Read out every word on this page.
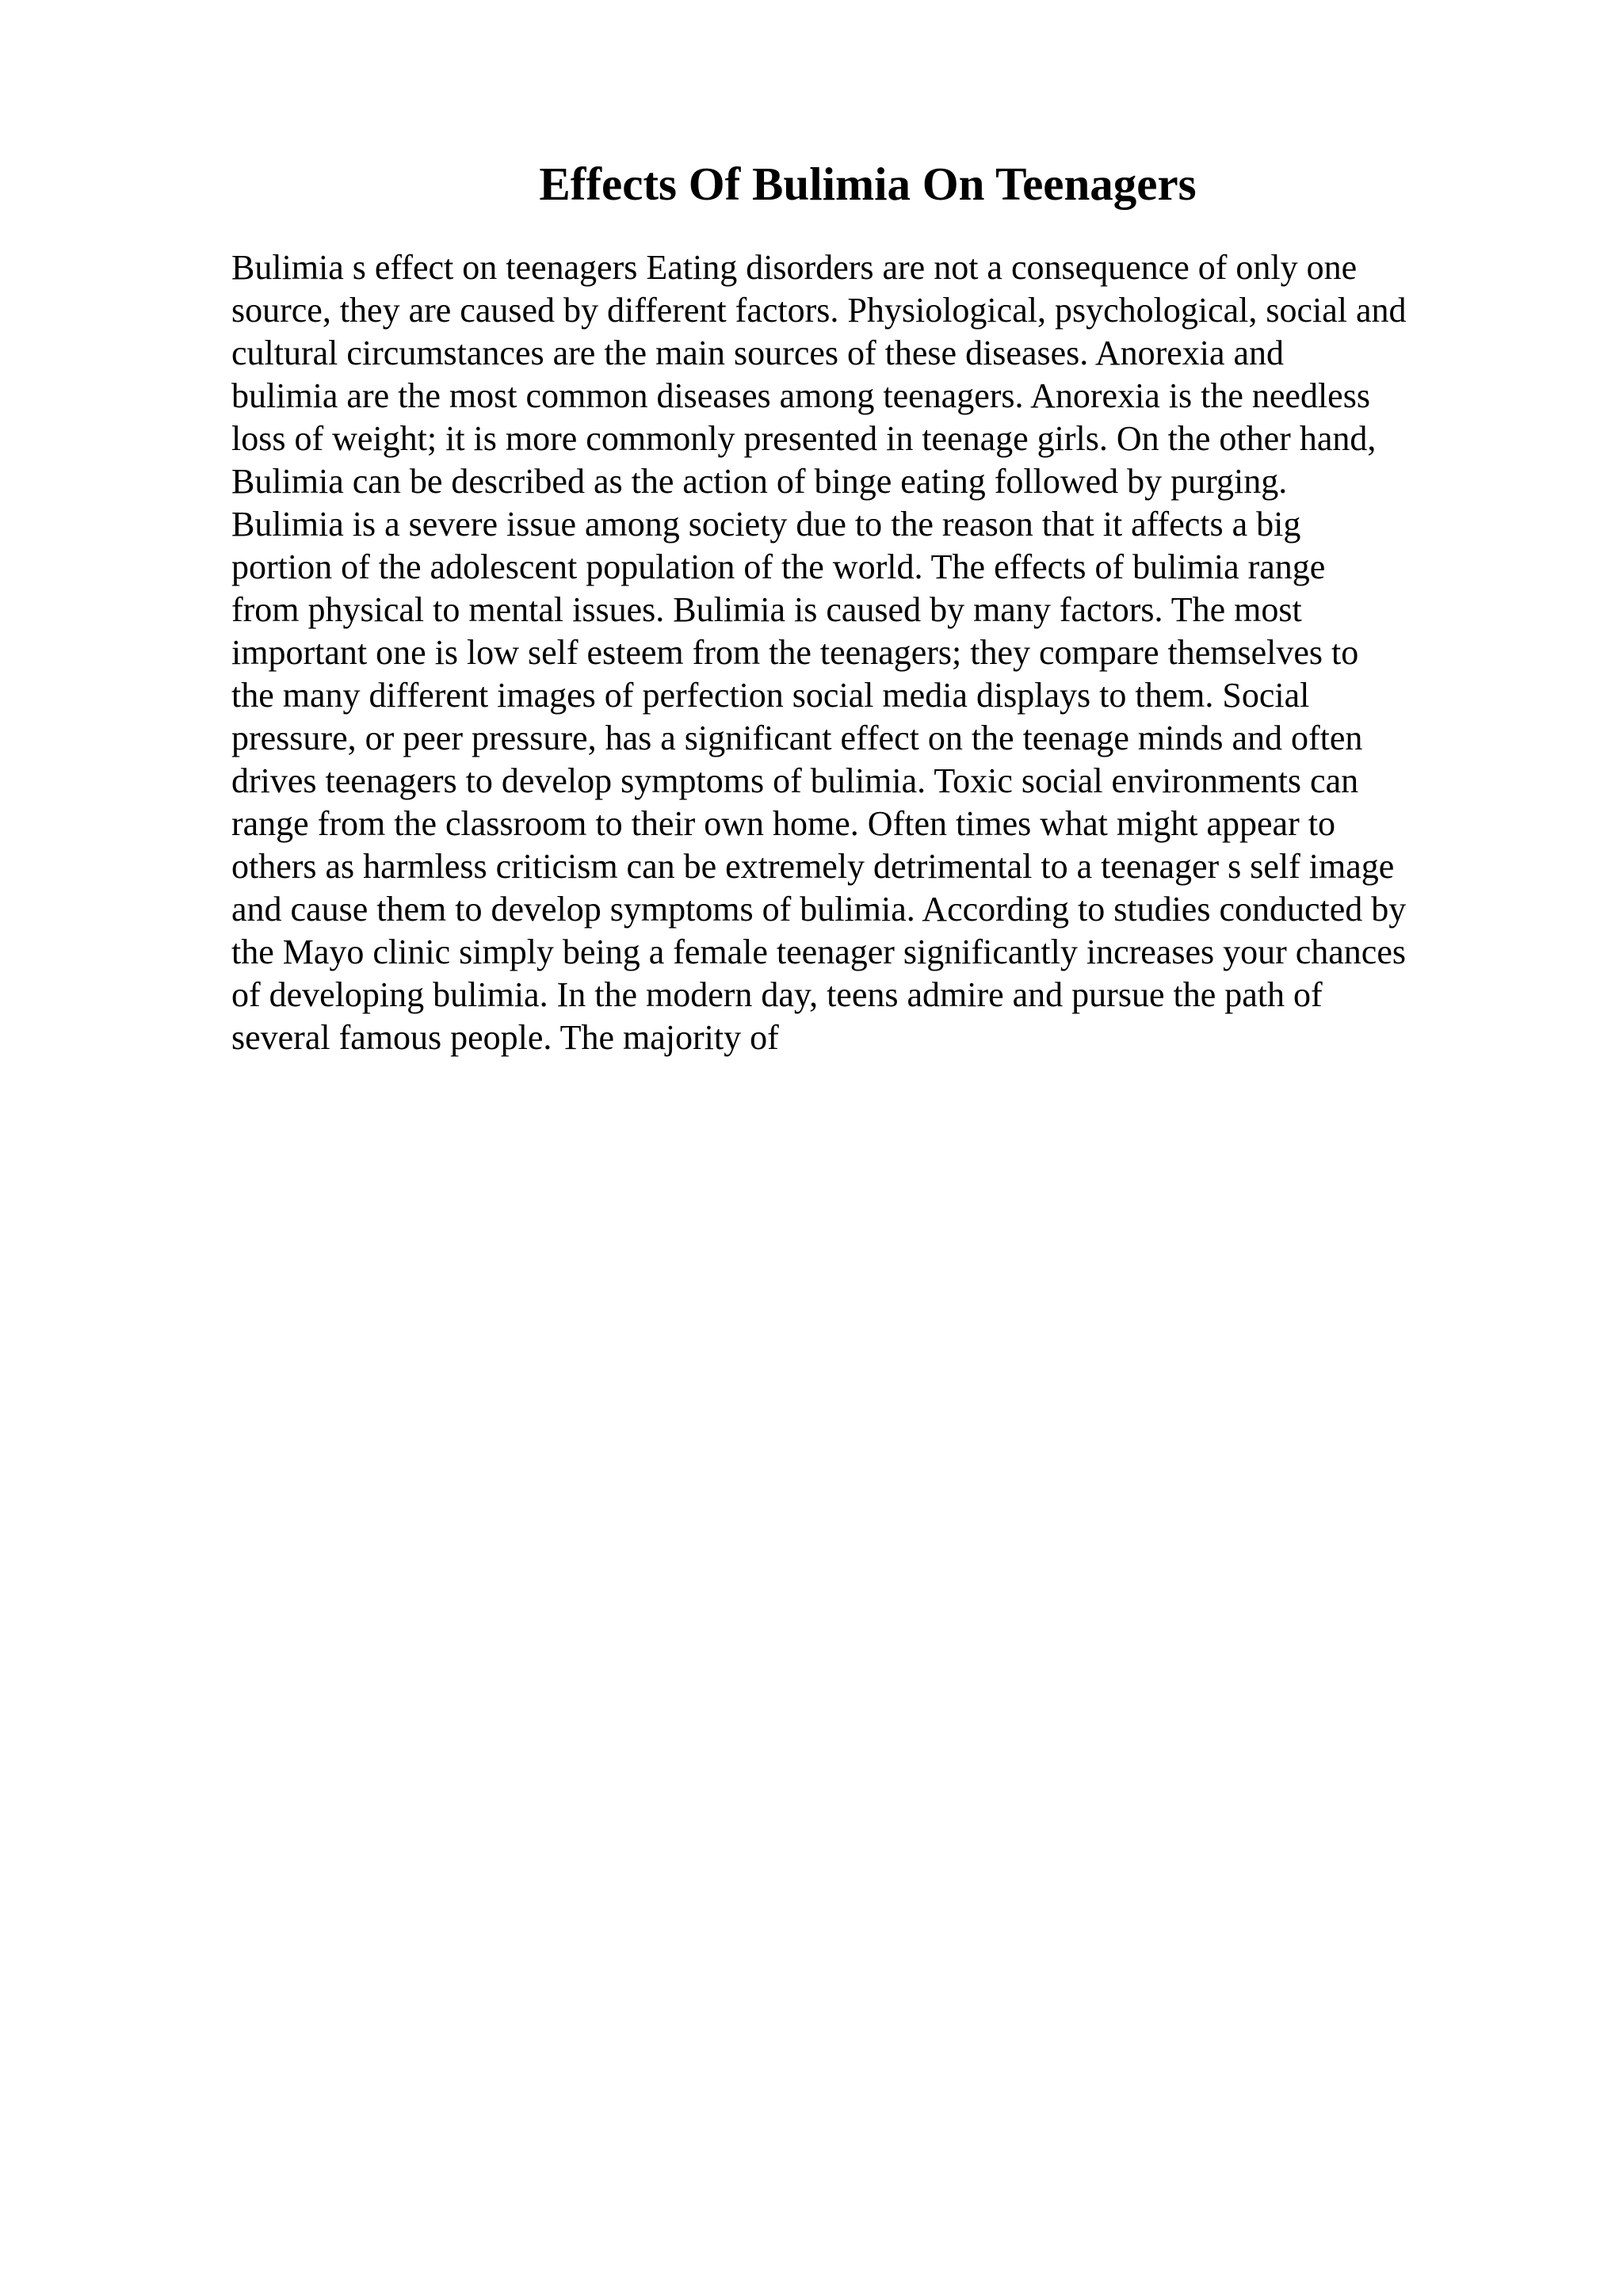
Effects Of Bulimia On Teenagers
Bulimia s effect on teenagers Eating disorders are not a consequence of only one
source, they are caused by different factors. Physiological, psychological, social and
cultural circumstances are the main sources of these diseases. Anorexia and
bulimia are the most common diseases among teenagers. Anorexia is the needless
loss of weight; it is more commonly presented in teenage girls. On the other hand,
Bulimia can be described as the action of binge eating followed by purging.
Bulimia is a severe issue among society due to the reason that it affects a big
portion of the adolescent population of the world. The effects of bulimia range
from physical to mental issues. Bulimia is caused by many factors. The most
important one is low self esteem from the teenagers; they compare themselves to
the many different images of perfection social media displays to them. Social
pressure, or peer pressure, has a significant effect on the teenage minds and often
drives teenagers to develop symptoms of bulimia. Toxic social environments can
range from the classroom to their own home. Often times what might appear to
others as harmless criticism can be extremely detrimental to a teenager s self image
and cause them to develop symptoms of bulimia. According to studies conducted by
the Mayo clinic simply being a female teenager significantly increases your chances
of developing bulimia. In the modern day, teens admire and pursue the path of
several famous people. The majority of
